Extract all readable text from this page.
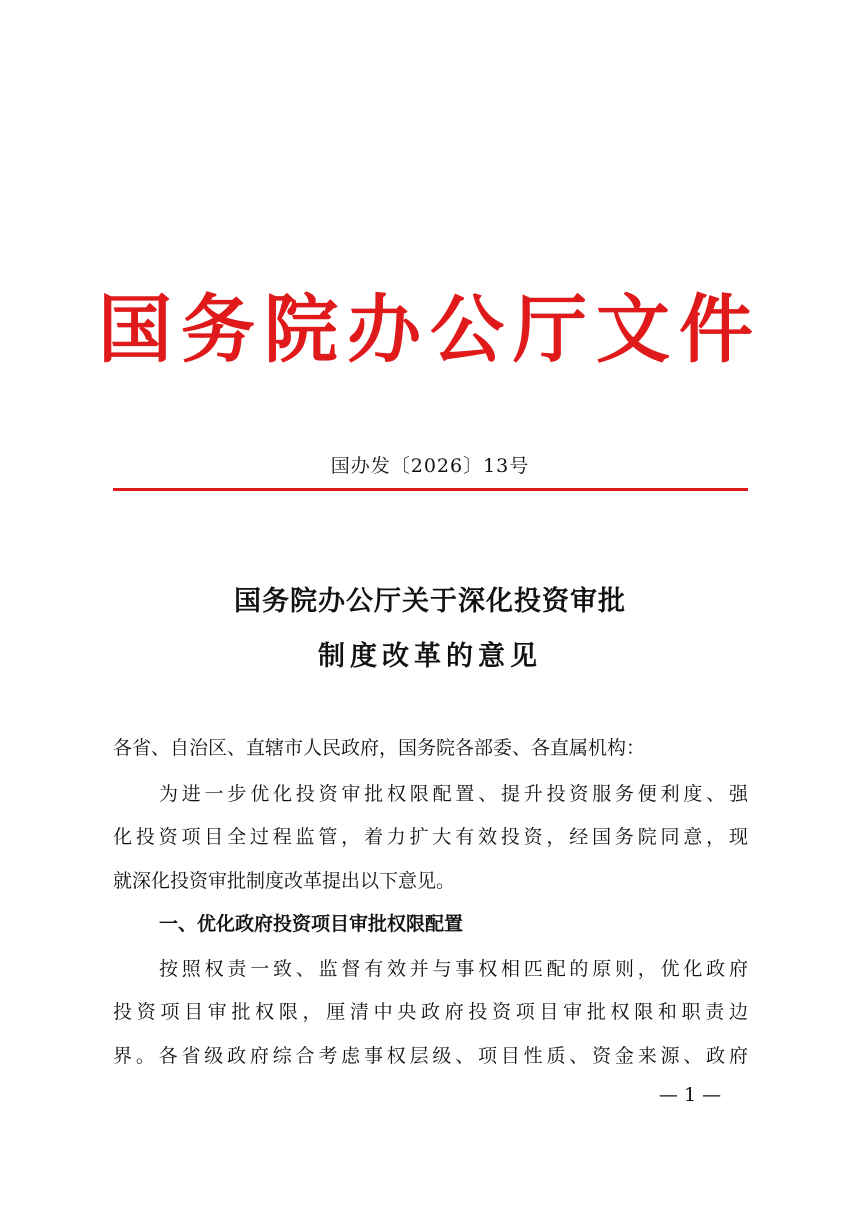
国务院办公厅文件
国办发〔2026〕13号
国务院办公厅关于深化投资审批
制度改革的意见
各省、自治区、直辖市人民政府，国务院各部委、各直属机构：
为进一步优化投资审批权限配置、提升投资服务便利度、强
化投资项目全过程监管，着力扩大有效投资，经国务院同意，现
就深化投资审批制度改革提出以下意见。
一、优化政府投资项目审批权限配置
按照权责一致、监督有效并与事权相匹配的原则，优化政府
投资项目审批权限，厘清中央政府投资项目审批权限和职责边
界。各省级政府综合考虑事权层级、项目性质、资金来源、政府
— 1 —
